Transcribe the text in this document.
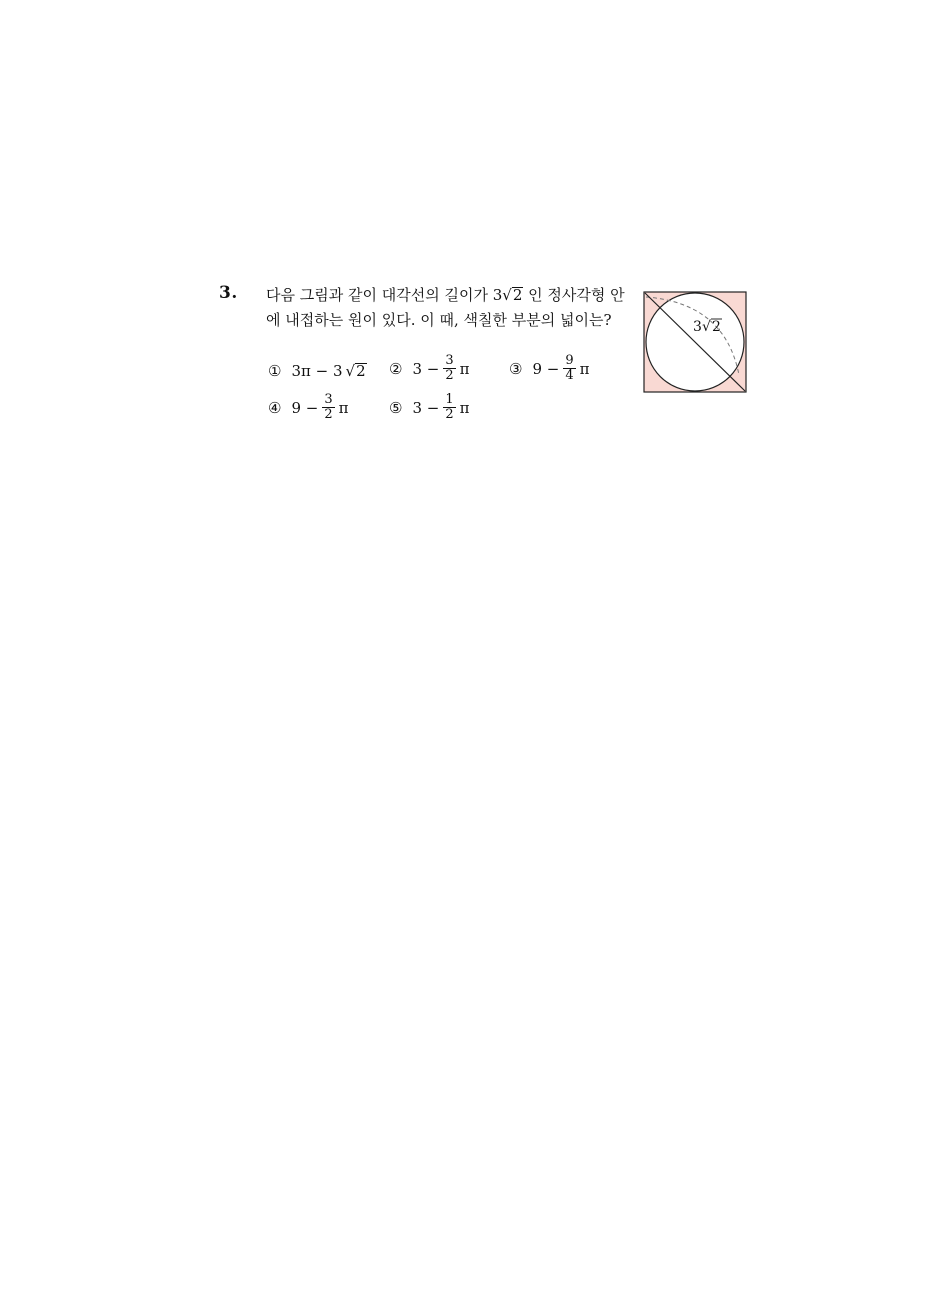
3. 다음 그림과 같이 대각선의 길이가 3√2 인 정사각형 안
에 내접하는 원이 있다. 이 때, 색칠한 부분의 넓이는?
① 3π − 3 √2 ② $3 - \frac{3}{2}$ π	③ $9 - \frac{9}{4}$ π
④ $9 - \frac{3}{2}$ π	⑤ $3 - \frac{1}{2}$ π
3 √ 2
